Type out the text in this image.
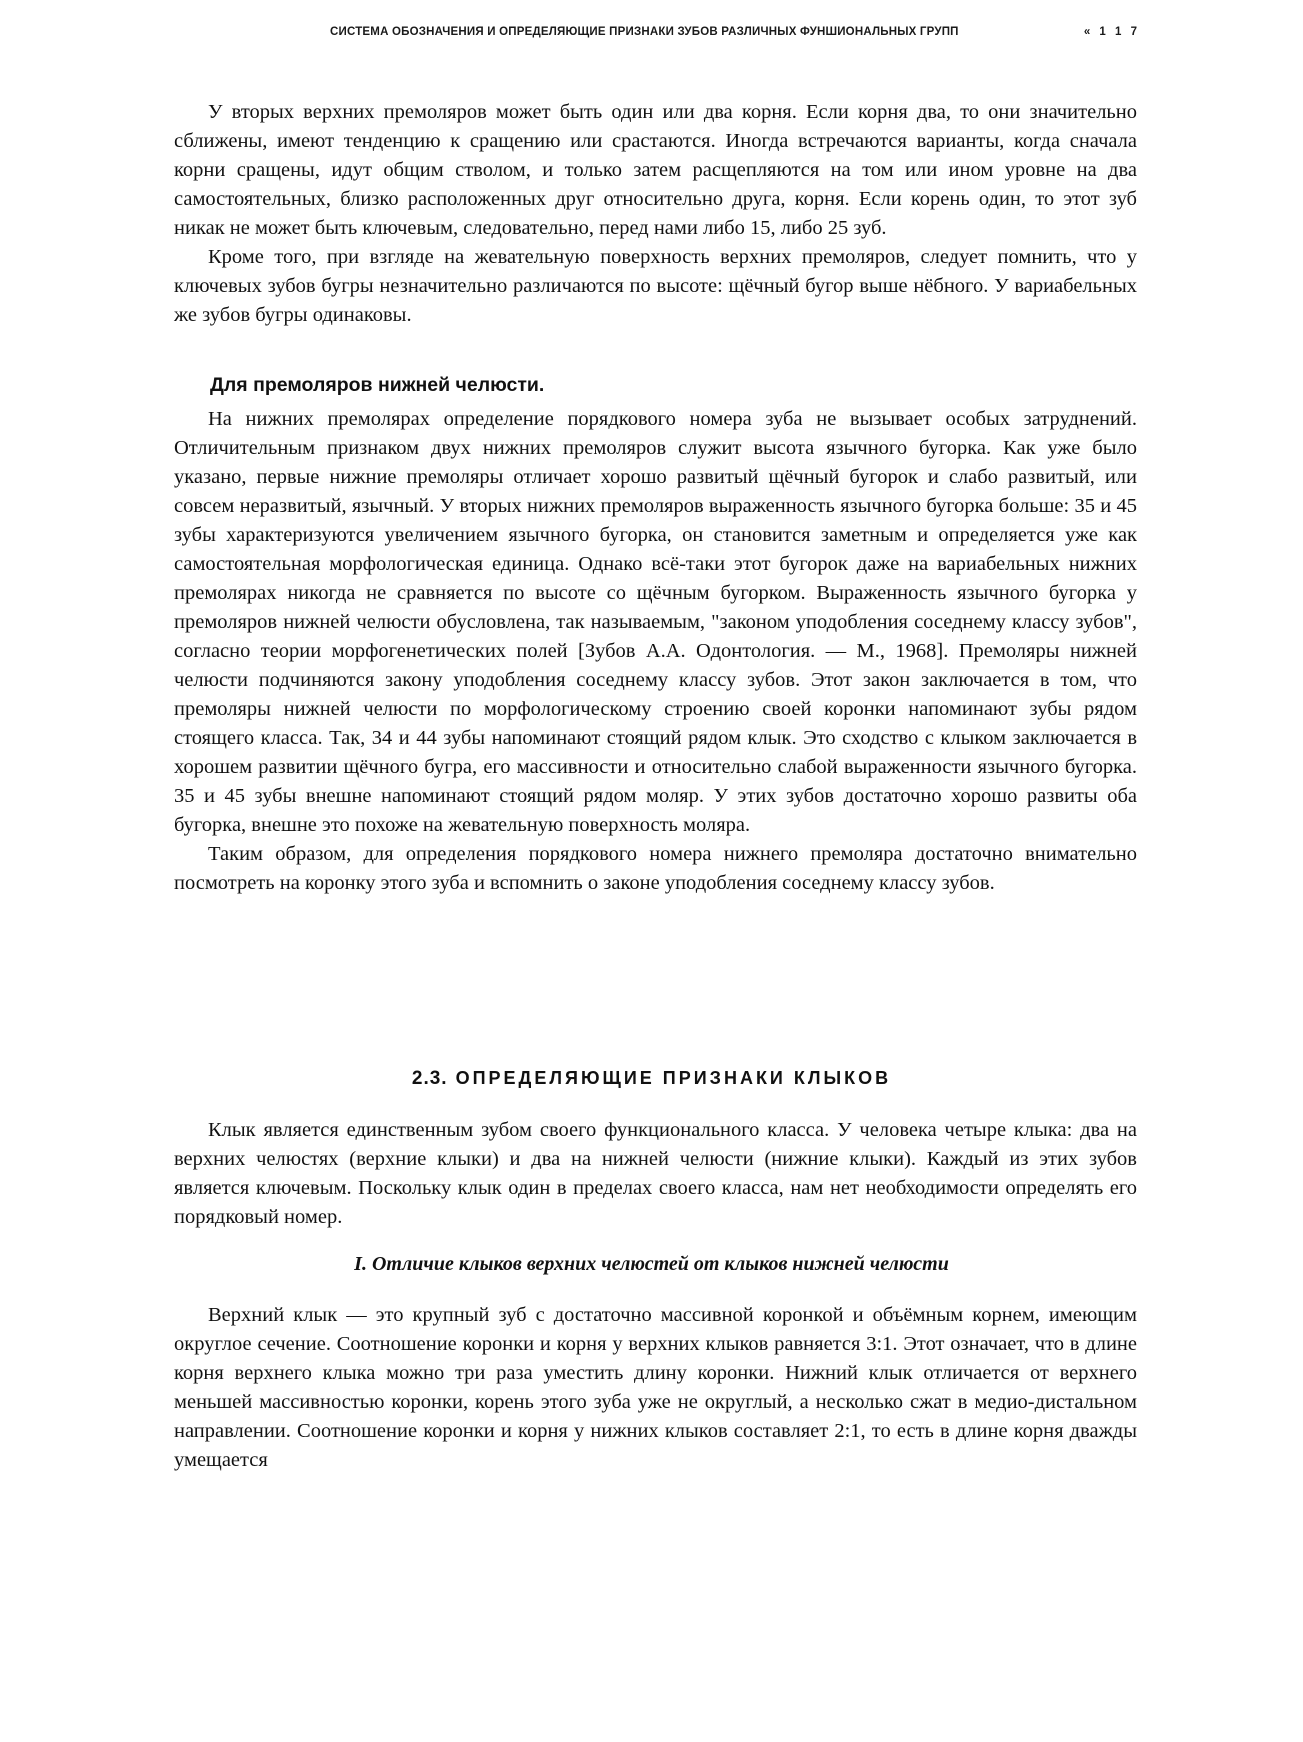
СИСТЕМА ОБОЗНАЧЕНИЯ И ОПРЕДЕЛЯЮЩИЕ ПРИЗНАКИ ЗУБОВ РАЗЛИЧНЫХ ФУНШИОНАЛЬНЫХ ГРУПП	« 1 1 7

У вторых верхних премоляров может быть один или два корня. Если корня два, то они значительно сближены, имеют тенденцию к сращению или срастаются. Иногда встречаются варианты, когда сначала корни сращены, идут общим стволом, и только затем расщепляются на том или ином уровне на два самостоятельных, близко расположенных друг относительно друга, корня. Если корень один, то этот зуб никак не может быть ключевым, следовательно, перед нами либо 15, либо 25 зуб.

Кроме того, при взгляде на жевательную поверхность верхних премоляров, следует помнить, что у ключевых зубов бугры незначительно различаются по высоте: щёчный бугор выше нёбного. У вариабельных же зубов бугры одинаковы.

Для премоляров нижней челюсти.

На нижних премолярах определение порядкового номера зуба не вызывает особых затруднений. Отличительным признаком двух нижних премоляров служит высота язычного бугорка. Как уже было указано, первые нижние премоляры отличает хорошо развитый щёчный бугорок и слабо развитый, или совсем неразвитый, язычный. У вторых нижних премоляров выраженность язычного бугорка больше: 35 и 45 зубы характеризуются увеличением язычного бугорка, он становится заметным и определяется уже как самостоятельная морфологическая единица. Однако всё-таки этот бугорок даже на вариабельных нижних премолярах никогда не сравняется по высоте со щёчным бугорком. Выраженность язычного бугорка у премоляров нижней челюсти обусловлена, так называемым, "законом уподобления соседнему классу зубов", согласно теории морфогенетических полей [Зубов А.А. Одонтология. — М., 1968]. Премоляры нижней челюсти подчиняются закону уподобления соседнему классу зубов. Этот закон заключается в том, что премоляры нижней челюсти по морфологическому строению своей коронки напоминают зубы рядом стоящего класса. Так, 34 и 44 зубы напоминают стоящий рядом клык. Это сходство с клыком заключается в хорошем развитии щёчного бугра, его массивности и относительно слабой выраженности язычного бугорка. 35 и 45 зубы внешне напоминают стоящий рядом моляр. У этих зубов достаточно хорошо развиты оба бугорка, внешне это похоже на жевательную поверхность моляра.

Таким образом, для определения порядкового номера нижнего премоляра достаточно внимательно посмотреть на коронку этого зуба и вспомнить о законе уподобления соседнему классу зубов.

2.3. ОПРЕДЕЛЯЮЩИЕ ПРИЗНАКИ КЛЫКОВ

Клык является единственным зубом своего функционального класса. У человека четыре клыка: два на верхних челюстях (верхние клыки) и два на нижней челюсти (нижние клыки). Каждый из этих зубов является ключевым. Поскольку клык один в пределах своего класса, нам нет необходимости определять его порядковый номер.

I. Отличие клыков верхних челюстей от клыков нижней челюсти

Верхний клык — это крупный зуб с достаточно массивной коронкой и объёмным корнем, имеющим округлое сечение. Соотношение коронки и корня у верхних клыков равняется 3:1. Этот означает, что в длине корня верхнего клыка можно три раза уместить длину коронки. Нижний клык отличается от верхнего меньшей массивностью коронки, корень этого зуба уже не округлый, а несколько сжат в медио-дистальном направлении. Соотношение коронки и корня у нижних клыков составляет 2:1, то есть в длине корня дважды умещается
